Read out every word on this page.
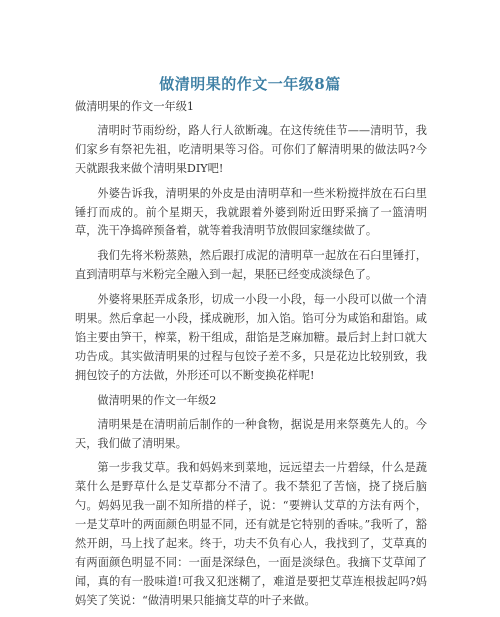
做清明果的作文一年级8篇

做清明果的作文一年级1

清明时节雨纷纷，路人行人欲断魂。在这传统佳节——清明节，我们家乡有祭祀先祖，吃清明果等习俗。可你们了解清明果的做法吗?今天就跟我来做个清明果DIY吧!

外婆告诉我，清明果的外皮是由清明草和一些米粉搅拌放在石臼里锤打而成的。前个星期天，我就跟着外婆到附近田野采摘了一篮清明草，洗干净捣碎预备着，就等着我清明节放假回家继续做了。

我们先将米粉蒸熟，然后跟打成泥的清明草一起放在石臼里锤打，直到清明草与米粉完全融入到一起，果胚已经变成淡绿色了。

外婆将果胚弄成条形，切成一小段一小段，每一小段可以做一个清明果。然后拿起一小段，揉成碗形，加入馅。馅可分为咸馅和甜馅。咸馅主要由笋干，榨菜，粉干组成，甜馅是芝麻加糖。最后封上封口就大功告成。其实做清明果的过程与包饺子差不多，只是花边比较别致，我拥包饺子的方法做，外形还可以不断变换花样呢!

做清明果的作文一年级2

清明果是在清明前后制作的一种食物，据说是用来祭奠先人的。今天，我们做了清明果。

第一步我艾草。我和妈妈来到菜地，远远望去一片碧绿，什么是蔬菜什么是野草什么是艾草都分不清了。我不禁犯了苦恼，挠了挠后脑勺。妈妈见我一副不知所措的样子，说：“要辨认艾草的方法有两个，一是艾草叶的两面颜色明显不同，还有就是它特别的香味。”我听了，豁然开朗，马上找了起来。终于，功夫不负有心人，我找到了，艾草真的有两面颜色明显不同：一面是深绿色，一面是淡绿色。我摘下艾草闻了闻，真的有一股味道!可我又犯迷糊了，难道是要把艾草连根拔起吗?妈妈笑了笑说：“做清明果只能摘艾草的叶子来做。
